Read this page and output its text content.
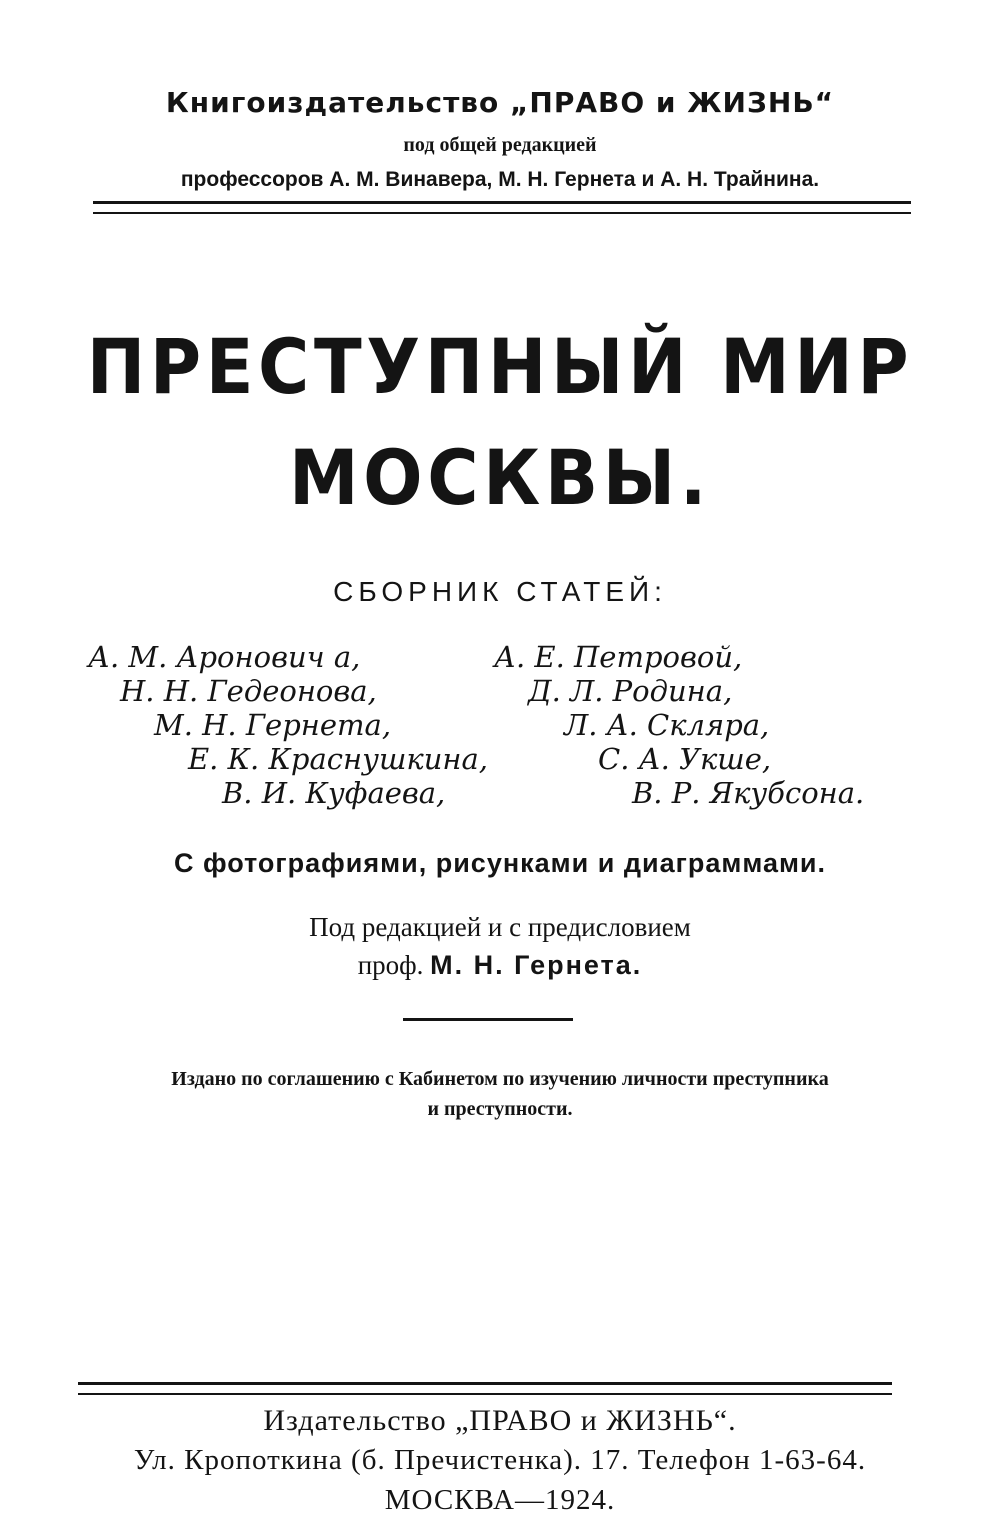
Книгоиздательство „ПРАВО и ЖИЗНЬ“
под общей редакцией
профессоров А. М. Винавера, М. Н. Гернета и А. Н. Трайнина.
ПРЕСТУПНЫЙ МИР
МОСКВЫ.
СБОРНИК СТАТЕЙ:
А. М. Аронович а,
Н. Н. Гедеонова,
М. Н. Гернета,
Е. К. Краснушкина,
В. И. Куфаева,
А. Е. Петровой,
Д. Л. Родина,
Л. А. Скляра,
С. А. Укше,
В. Р. Якубсона.
С фотографиями, рисунками и диаграммами.
Под редакцией и с предисловием
проф. М. Н. Гернета.
Издано по соглашению с Кабинетом по изучению личности преступника
и преступности.
Издательство „ПРАВО и ЖИЗНЬ“.
Ул. Кропоткина (б. Пречистенка). 17. Телефон 1-63-64.
МОСКВА—1924.
